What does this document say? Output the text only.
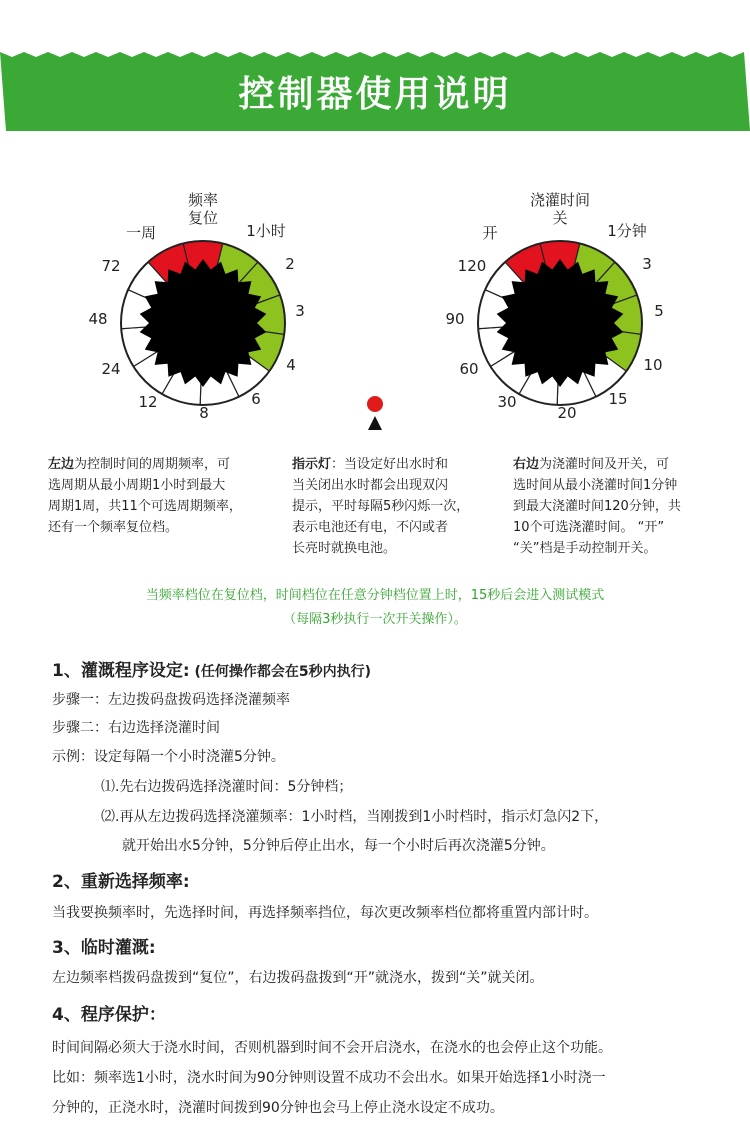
控制器使用说明
频率
复位
一周	1小时
2
3
4
6
8
12
24
48
72
浇灌时间
关
开	1分钟
3
5
10
15
20
30
60
90
120
左边为控制时间的周期频率，可
选周期从最小周期1小时到最大
周期1周，共11个可选周期频率，
还有一个频率复位档。
指示灯：当设定好出水时和
当关闭出水时都会出现双闪
提示，平时每隔5秒闪烁一次，
表示电池还有电，不闪或者
长亮时就换电池。
右边为浇灌时间及开关，可
选时间从最小浇灌时间1分钟
到最大浇灌时间120分钟，共
10个可选浇灌时间。 “开”
“关”档是手动控制开关。
当频率档位在复位档，时间档位在任意分钟档位置上时，15秒后会进入测试模式
（每隔3秒执行一次开关操作）。
1、灌溉程序设定: (任何操作都会在5秒内执行)
步骤一：左边拨码盘拨码选择浇灌频率
步骤二：右边选择浇灌时间
示例：设定每隔一个小时浇灌5分钟。
⑴.先右边拨码选择浇灌时间：5分钟档；
⑵.再从左边拨码选择浇灌频率：1小时档，当刚拨到1小时档时，指示灯急闪2下，
就开始出水5分钟，5分钟后停止出水，每一个小时后再次浇灌5分钟。
2、重新选择频率:
当我要换频率时，先选择时间，再选择频率挡位，每次更改频率档位都将重置内部计时。
3、临时灌溉:
左边频率档拨码盘拨到“复位”，右边拨码盘拨到“开”就浇水，拨到“关”就关闭。
4、程序保护：
时间间隔必须大于浇水时间，否则机器到时间不会开启浇水，在浇水的也会停止这个功能。
比如：频率选1小时，浇水时间为90分钟则设置不成功不会出水。如果开始选择1小时浇一
分钟的，正浇水时，浇灌时间拨到90分钟也会马上停止浇水设定不成功。
